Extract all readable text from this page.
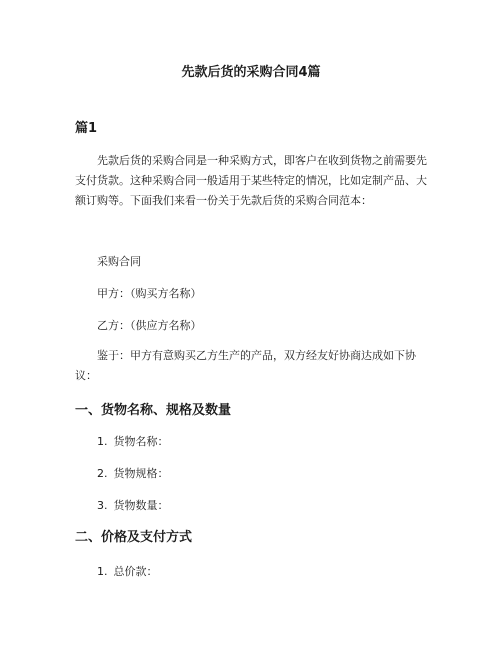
先款后货的采购合同4篇
篇1

先款后货的采购合同是一种采购方式，即客户在收到货物之前需要先支付货款。这种采购合同一般适用于某些特定的情况，比如定制产品、大额订购等。下面我们来看一份关于先款后货的采购合同范本：

采购合同
甲方：（购买方名称）
乙方：（供应方名称）

鉴于：甲方有意购买乙方生产的产品，双方经友好协商达成如下协议：

一、货物名称、规格及数量
1. 货物名称：
2. 货物规格：
3. 货物数量：
二、价格及支付方式
1. 总价款：
